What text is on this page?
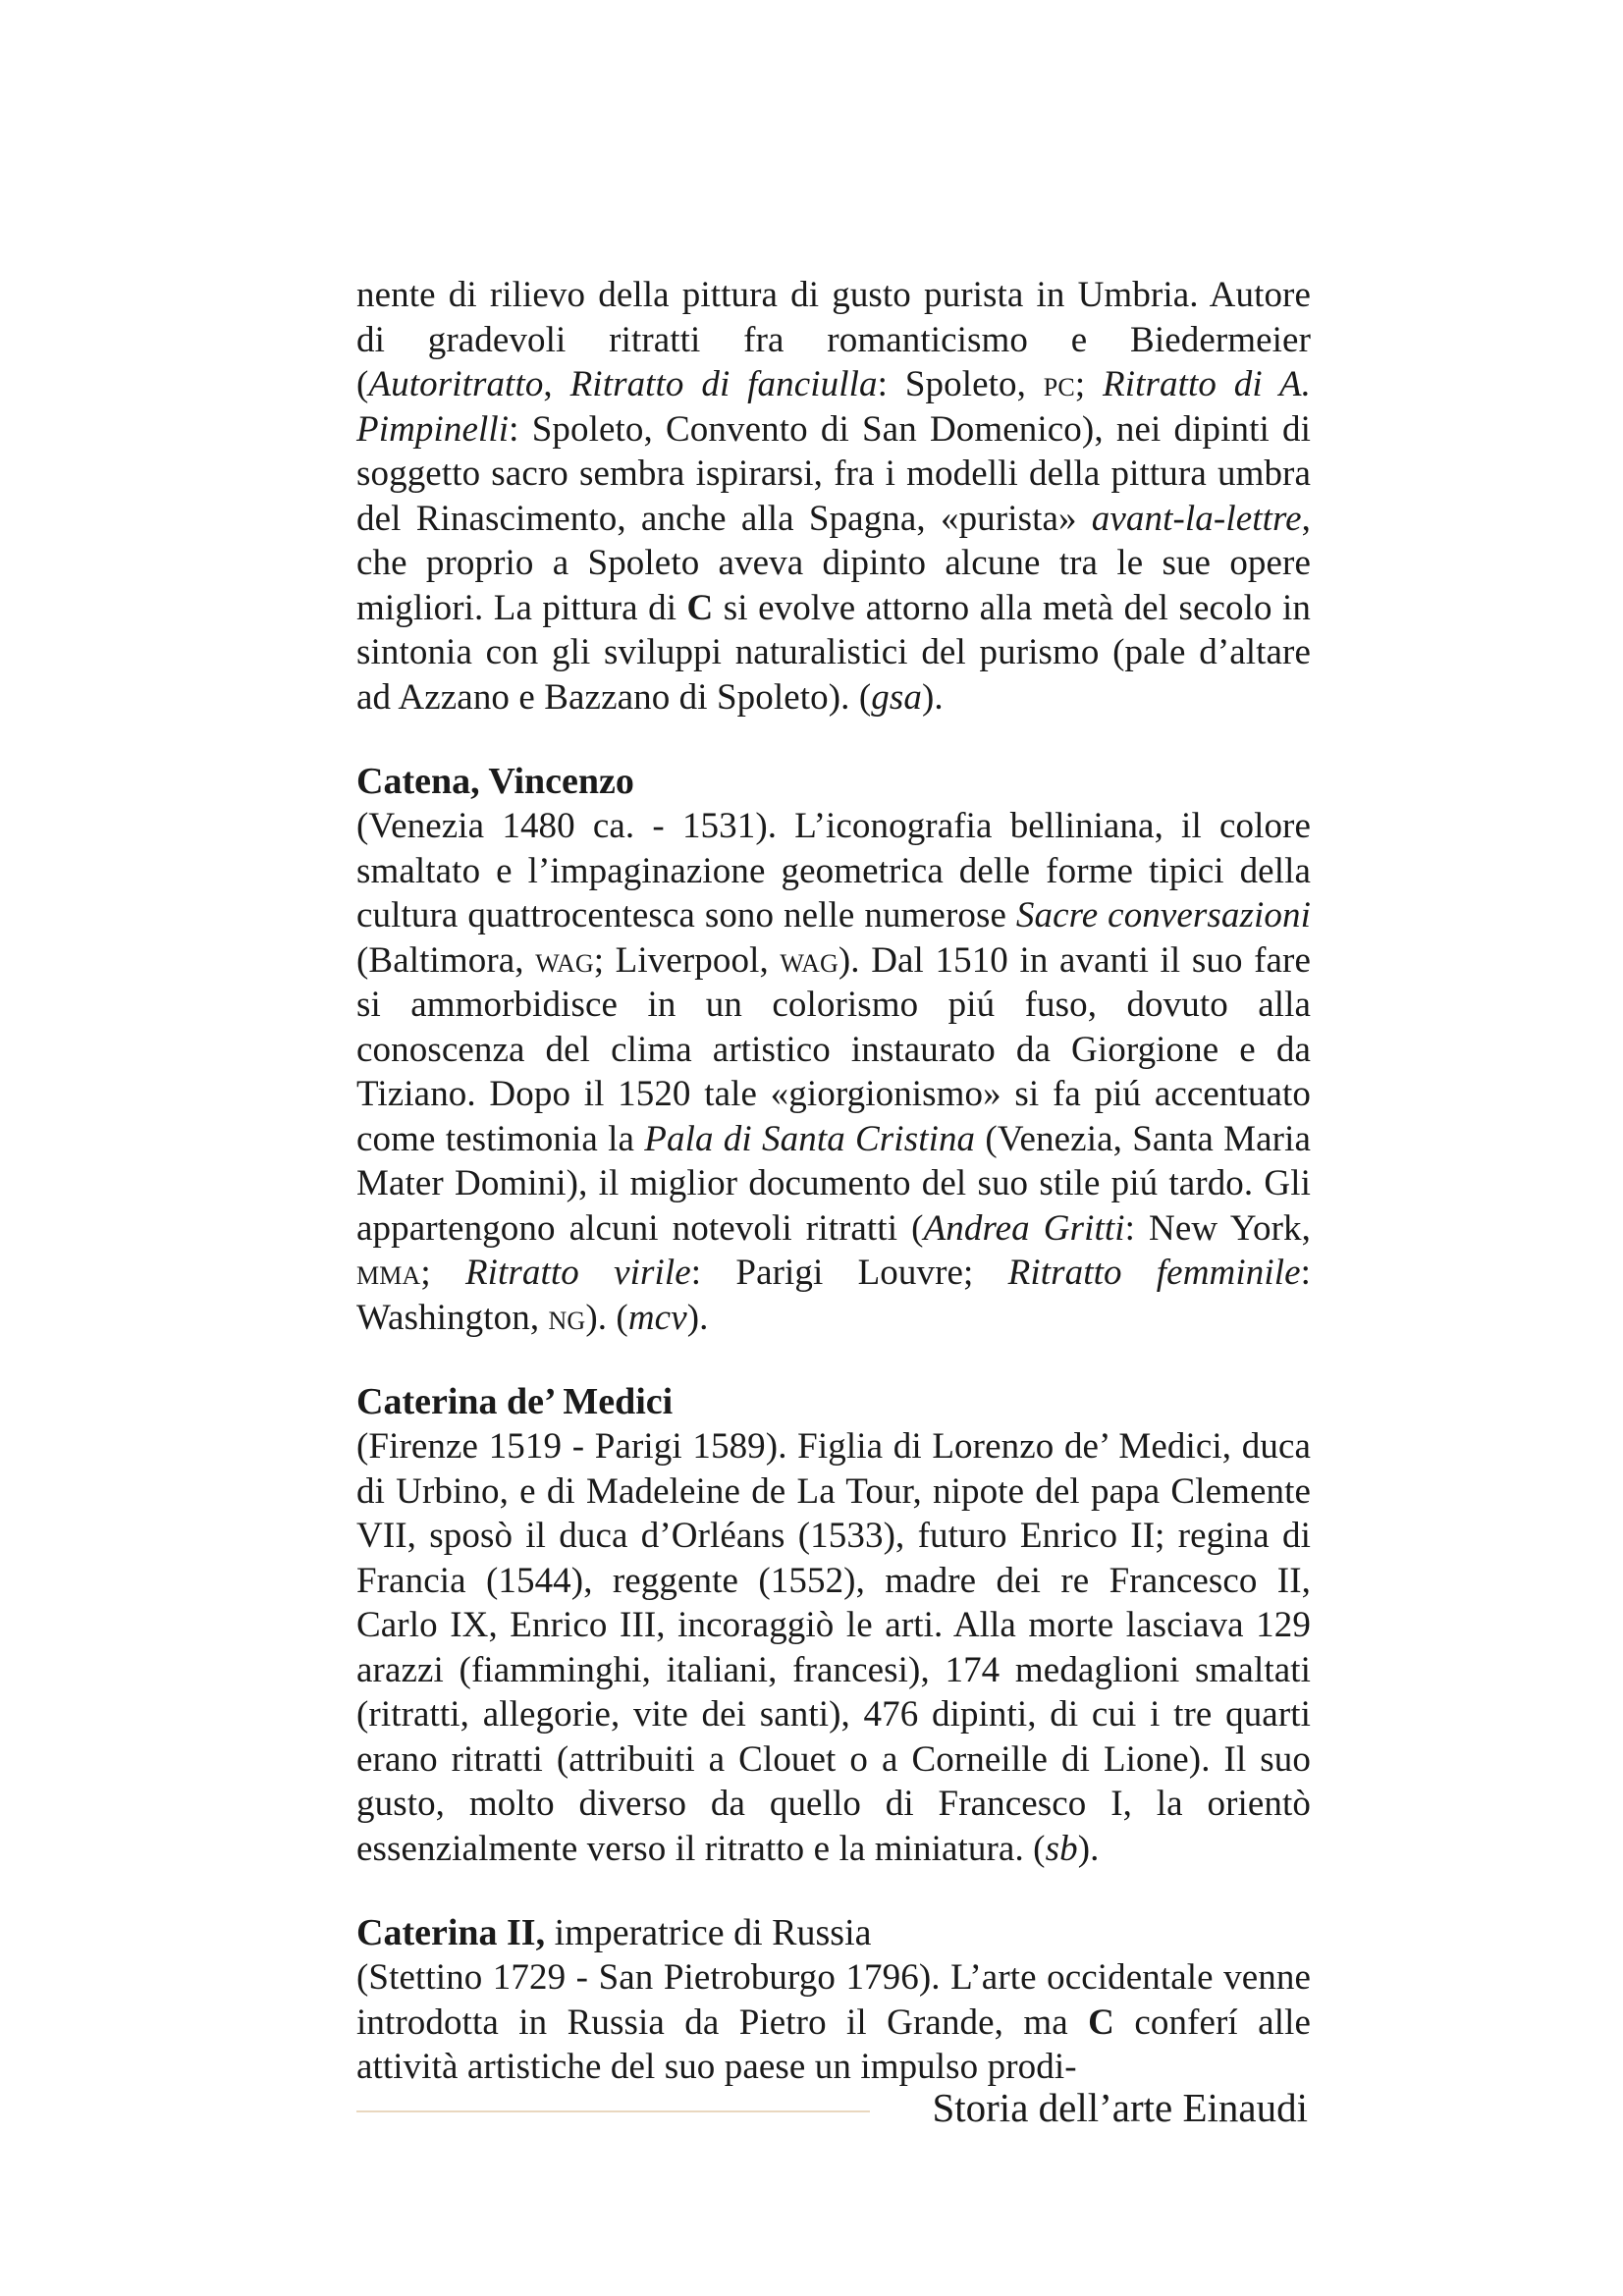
nente di rilievo della pittura di gusto purista in Umbria. Autore di gradevoli ritratti fra romanticismo e Biedermeier (Autoritratto, Ritratto di fanciulla: Spoleto, pc; Ritratto di A. Pimpinelli: Spoleto, Convento di San Domenico), nei dipinti di soggetto sacro sembra ispirarsi, fra i modelli della pittura umbra del Rinascimento, anche alla Spagna, «purista» avant-la-lettre, che proprio a Spoleto aveva dipinto alcune tra le sue opere migliori. La pittura di C si evolve attorno alla metà del secolo in sintonia con gli sviluppi naturalistici del purismo (pale d’altare ad Azzano e Bazzano di Spoleto). (gsa).

Catena, Vincenzo

(Venezia 1480 ca. - 1531). L’iconografia belliniana, il colore smaltato e l’impaginazione geometrica delle forme tipici della cultura quattrocentesca sono nelle numerose Sacre conversazioni (Baltimora, wag; Liverpool, wag). Dal 1510 in avanti il suo fare si ammorbidisce in un colorismo piú fuso, dovuto alla conoscenza del clima artistico instaurato da Giorgione e da Tiziano. Dopo il 1520 tale «giorgionismo» si fa piú accentuato come testimonia la Pala di Santa Cristina (Venezia, Santa Maria Mater Domini), il miglior documento del suo stile piú tardo. Gli appartengono alcuni notevoli ritratti (Andrea Gritti: New York, mma; Ritratto virile: Parigi Louvre; Ritratto femminile: Washington, ng). (mcv).

Caterina de’ Medici

(Firenze 1519 - Parigi 1589). Figlia di Lorenzo de’ Medici, duca di Urbino, e di Madeleine de La Tour, nipote del papa Clemente VII, sposò il duca d’Orléans (1533), futuro Enrico II; regina di Francia (1544), reggente (1552), madre dei re Francesco II, Carlo IX, Enrico III, incoraggiò le arti. Alla morte lasciava 129 arazzi (fiamminghi, italiani, francesi), 174 medaglioni smaltati (ritratti, allegorie, vite dei santi), 476 dipinti, di cui i tre quarti erano ritratti (attribuiti a Clouet o a Corneille di Lione). Il suo gusto, molto diverso da quello di Francesco I, la orientò essenzialmente verso il ritratto e la miniatura. (sb).

Caterina II, imperatrice di Russia

(Stettino 1729 - San Pietroburgo 1796). L’arte occidentale venne introdotta in Russia da Pietro il Grande, ma C conferí alle attività artistiche del suo paese un impulso prodi-

Storia dell’arte Einaudi
